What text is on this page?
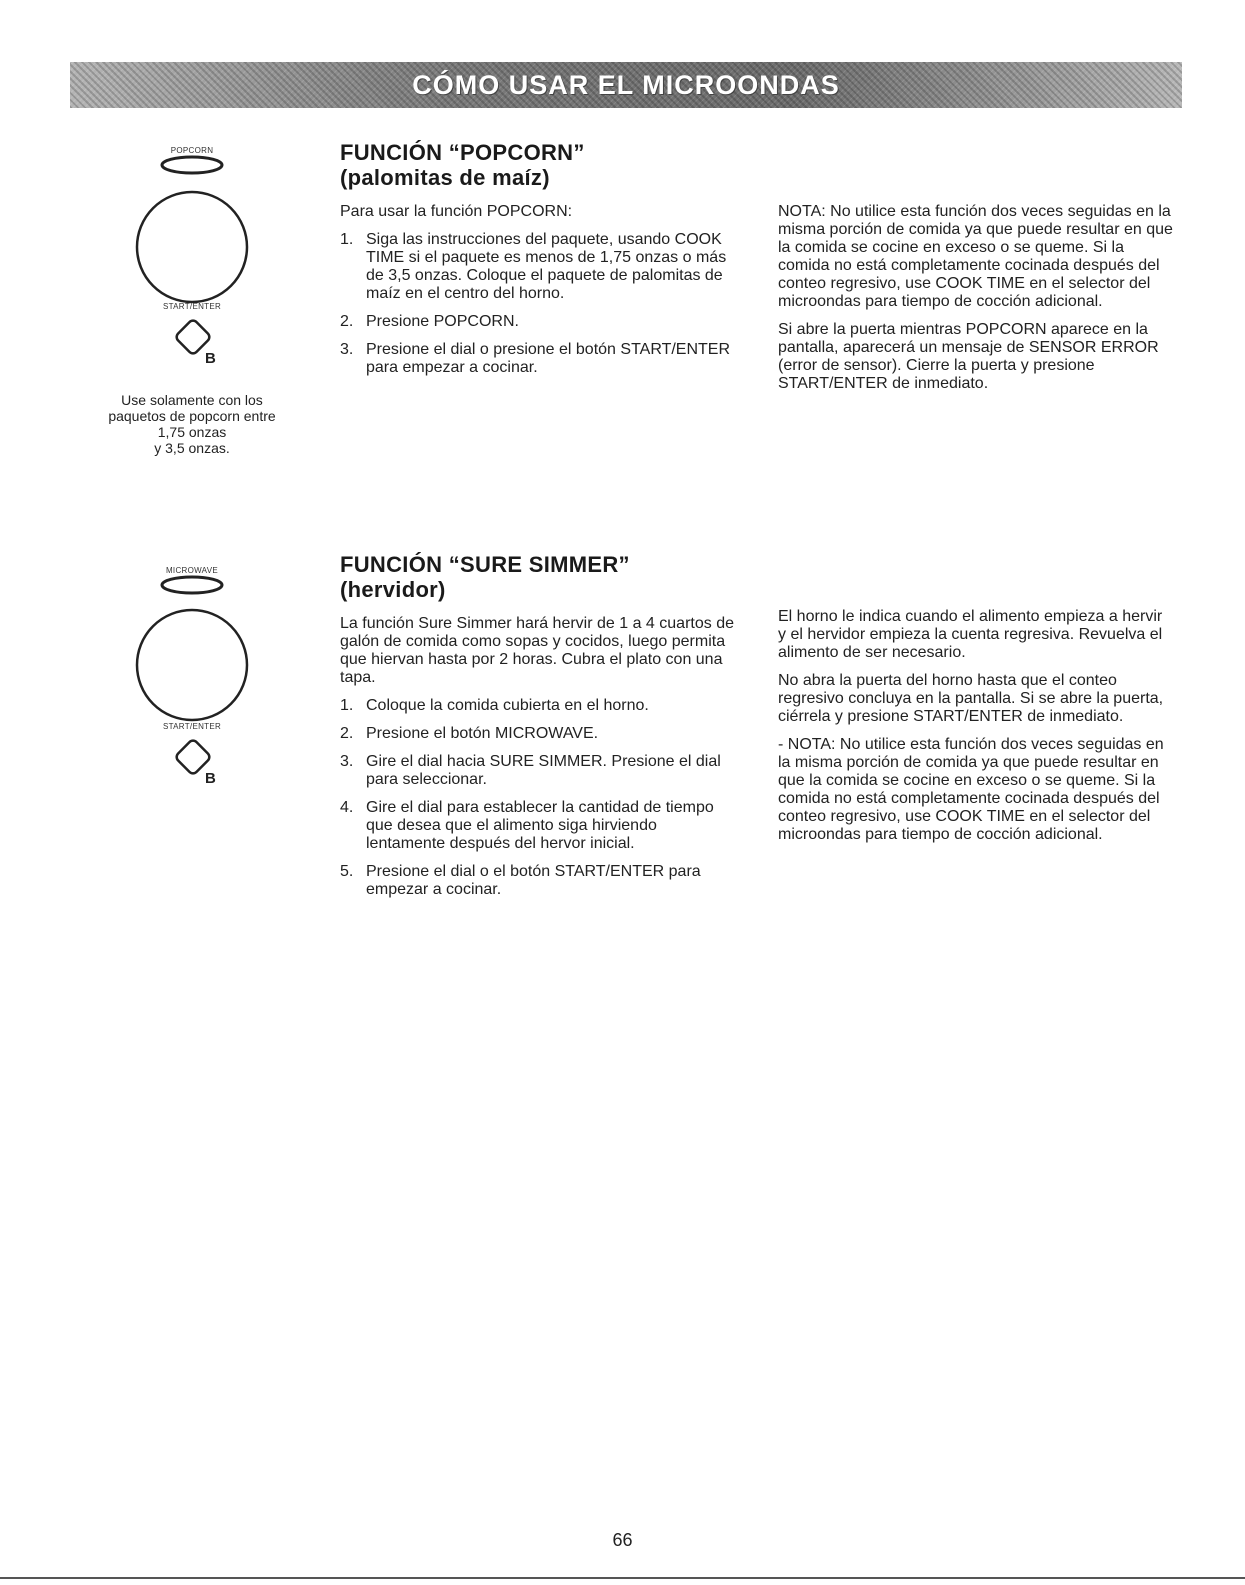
CÓMO USAR EL MICROONDAS
POPCORN
START/ENTER
B
Use solamente con los
paquetos de popcorn entre
1,75 onzas
y 3,5 onzas.
FUNCIÓN “POPCORN”
(palomitas de maíz)

Para usar la función POPCORN:

1. Siga las instrucciones del paquete, usando COOK TIME si el paquete es menos de 1,75 onzas o más de 3,5 onzas. Coloque el paquete de palomitas de maíz en el centro del horno.
2. Presione POPCORN.
3. Presione el dial o presione el botón START/ENTER para empezar a cocinar.

NOTA: No utilice esta función dos veces seguidas en la misma porción de comida ya que puede resultar en que la comida se cocine en exceso o se queme. Si la comida no está completamente cocinada después del conteo regresivo, use COOK TIME en el selector del microondas para tiempo de cocción adicional.

Si abre la puerta mientras POPCORN aparece en la pantalla, aparecerá un mensaje de SENSOR ERROR (error de sensor). Cierre la puerta y presione START/ENTER de inmediato.

MICROWAVE
START/ENTER
B
FUNCIÓN “SURE SIMMER”
(hervidor)

La función Sure Simmer hará hervir de 1 a 4 cuartos de galón de comida como sopas y cocidos, luego permita que hiervan hasta por 2 horas. Cubra el plato con una tapa.

1. Coloque la comida cubierta en el horno.
2. Presione el botón MICROWAVE.
3. Gire el dial hacia SURE SIMMER. Presione el dial para seleccionar.
4. Gire el dial para establecer la cantidad de tiempo que desea que el alimento siga hirviendo lentamente después del hervor inicial.
5. Presione el dial o el botón START/ENTER para empezar a cocinar.

El horno le indica cuando el alimento empieza a hervir y el hervidor empieza la cuenta regresiva. Revuelva el alimento de ser necesario.

No abra la puerta del horno hasta que el conteo regresivo concluya en la pantalla. Si se abre la puerta, ciérrela y presione START/ENTER de inmediato.

- NOTA: No utilice esta función dos veces seguidas en la misma porción de comida ya que puede resultar en que la comida se cocine en exceso o se queme. Si la comida no está completamente cocinada después del conteo regresivo, use COOK TIME en el selector del microondas para tiempo de cocción adicional.

66
